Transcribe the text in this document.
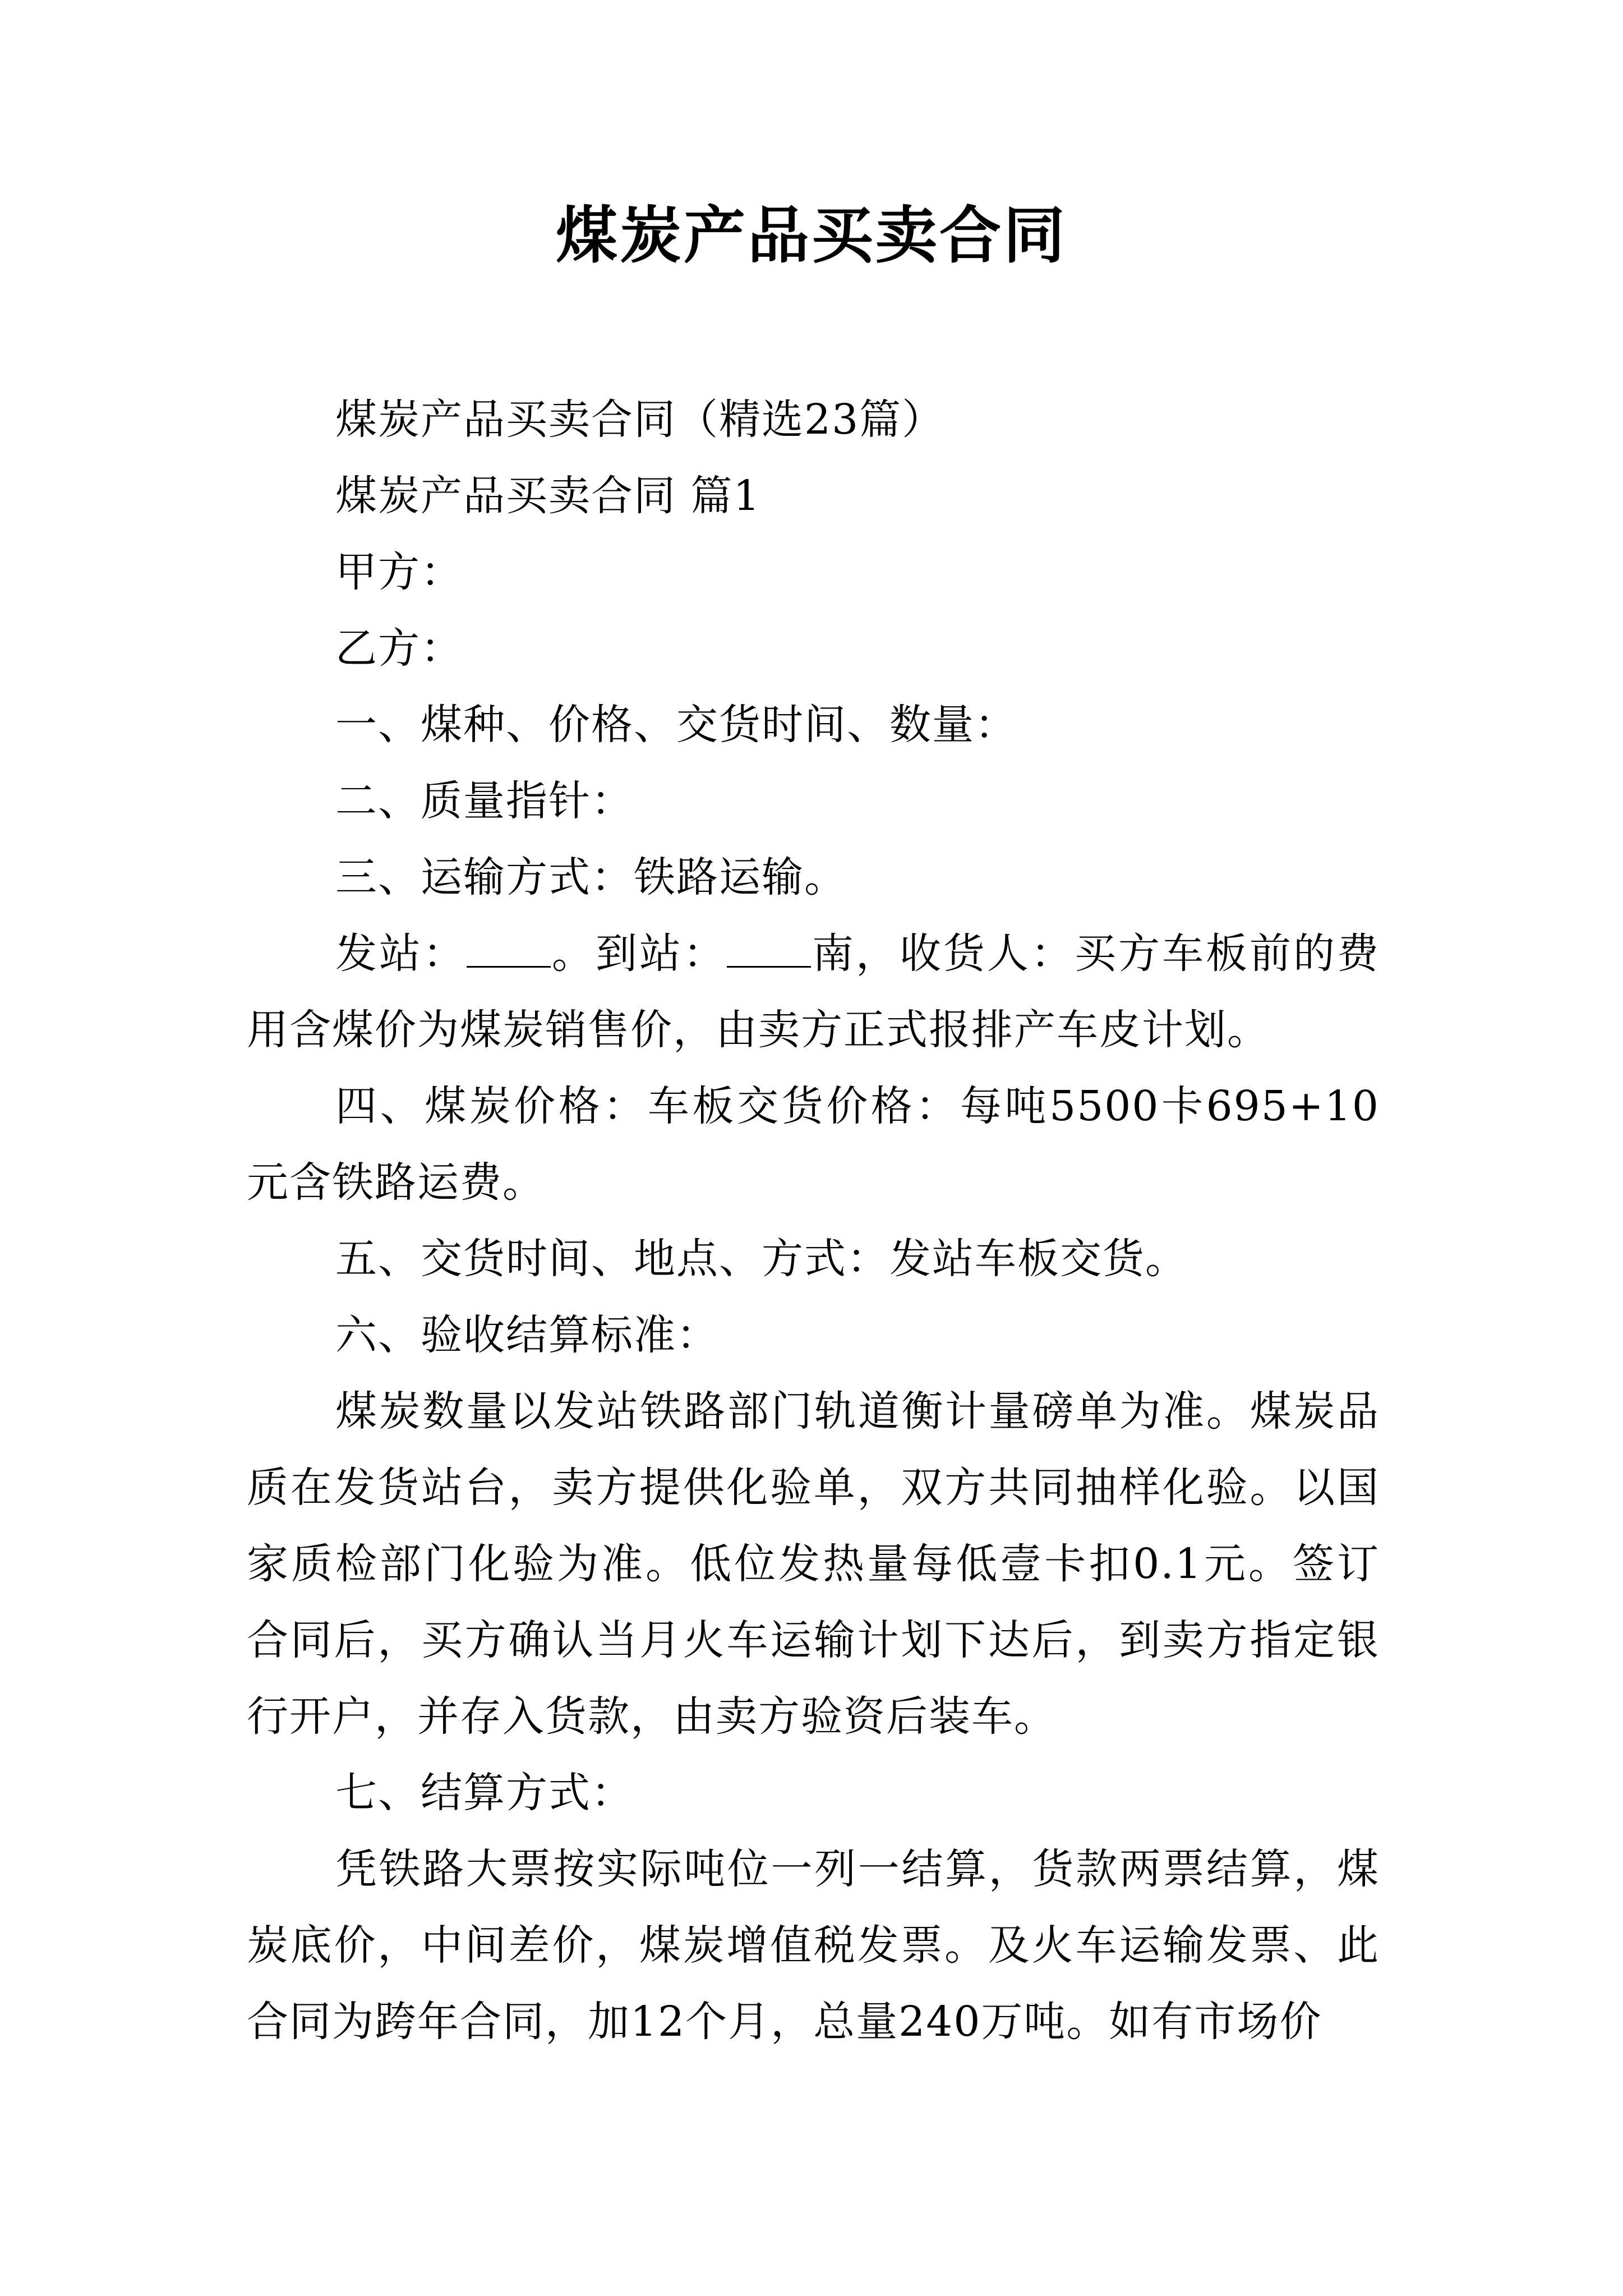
煤炭产品买卖合同

煤炭产品买卖合同（精选23篇）

煤炭产品买卖合同 篇1

甲方：

乙方：

一、煤种、价格、交货时间、数量：

二、质量指针：

三、运输方式：铁路运输。

发站： 。到站： 南，收货人：买方车板前的费用含煤价为煤炭销售价，由卖方正式报排产车皮计划。

四、煤炭价格：车板交货价格：每吨5500卡695+10元含铁路运费。

五、交货时间、地点、方式：发站车板交货。

六、验收结算标准：

煤炭数量以发站铁路部门轨道衡计量磅单为准。煤炭品质在发货站台，卖方提供化验单，双方共同抽样化验。以国家质检部门化验为准。低位发热量每低壹卡扣0.1元。签订合同后，买方确认当月火车运输计划下达后，到卖方指定银行开户，并存入货款，由卖方验资后装车。

七、结算方式：

凭铁路大票按实际吨位一列一结算，货款两票结算，煤炭底价，中间差价，煤炭增值税发票。及火车运输发票、此合同为跨年合同，加12个月，总量240万吨。如有市场价
